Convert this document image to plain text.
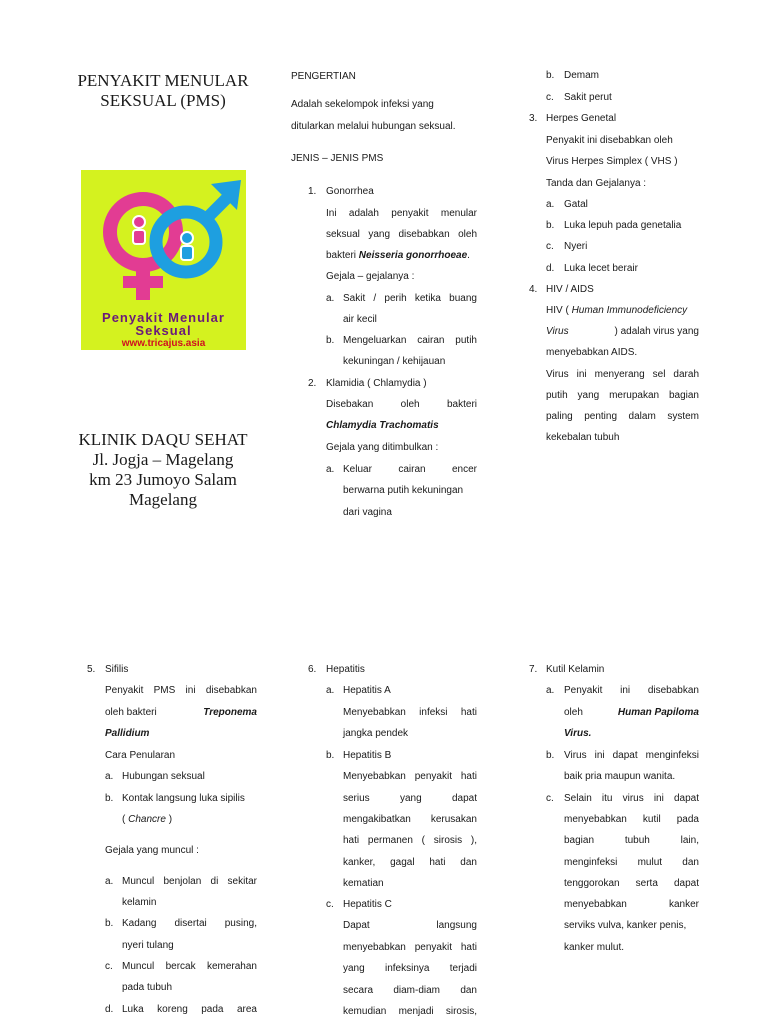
PENYAKIT MENULAR
SEKSUAL (PMS)
Penyakit Menular
Seksual
www.tricajus.asia
KLINIK DAQU SEHAT
Jl. Jogja – Magelang
km 23 Jumoyo Salam
Magelang
PENGERTIAN
Adalah sekelompok infeksi yang
ditularkan melalui hubungan seksual.
JENIS – JENIS PMS
1. Gonorrhea
Ini adalah penyakit menular
seksual yang disebabkan oleh
bakteri Neisseria gonorrhoeae.
Gejala – gejalanya :
a. Sakit / perih ketika buang
air kecil
b. Mengeluarkan cairan putih
kekuningan / kehijauan
2. Klamidia ( Chlamydia )
Disebakan oleh bakteri
Chlamydia Trachomatis
Gejala yang ditimbulkan :
a. Keluar cairan encer
berwarna putih kekuningan
dari vagina
b. Demam
c. Sakit perut
3. Herpes Genetal
Penyakit ini disebabkan oleh
Virus Herpes Simplex ( VHS )
Tanda dan Gejalanya :
a. Gatal
b. Luka lepuh pada genetalia
c. Nyeri
d. Luka lecet berair
4. HIV / AIDS
HIV ( Human Immunodeficiency
Virus	) adalah virus yang
menyebabkan AIDS.
Virus ini menyerang sel darah
putih yang merupakan bagian
paling penting dalam system
kekebalan tubuh
5. Sifilis
Penyakit PMS ini disebabkan
oleh bakteri	Treponema
Pallidium
Cara Penularan
a. Hubungan seksual
b. Kontak langsung luka sipilis
( Chancre )
Gejala yang muncul :
a. Muncul benjolan di sekitar
kelamin
b. Kadang disertai pusing,
nyeri tulang
c. Muncul bercak kemerahan
pada tubuh
d. Luka koreng pada area
6. Hepatitis
a. Hepatitis A
Menyebabkan infeksi hati
jangka pendek
b. Hepatitis B
Menyebabkan penyakit hati
serius yang dapat
mengakibatkan kerusakan
hati permanen ( sirosis ),
kanker, gagal hati dan
kematian
c. Hepatitis C
Dapat langsung
menyebabkan penyakit hati
yang infeksinya terjadi
secara diam-diam dan
kemudian menjadi sirosis,
7. Kutil Kelamin
a. Penyakit ini disebabkan
oleh	Human Papiloma
Virus.
b. Virus ini dapat menginfeksi
baik pria maupun wanita.
c. Selain itu virus ini dapat
menyebabkan kutil pada
bagian tubuh lain,
menginfeksi mulut dan
tenggorokan serta dapat
menyebabkan kanker
serviks vulva, kanker penis,
kanker mulut.
